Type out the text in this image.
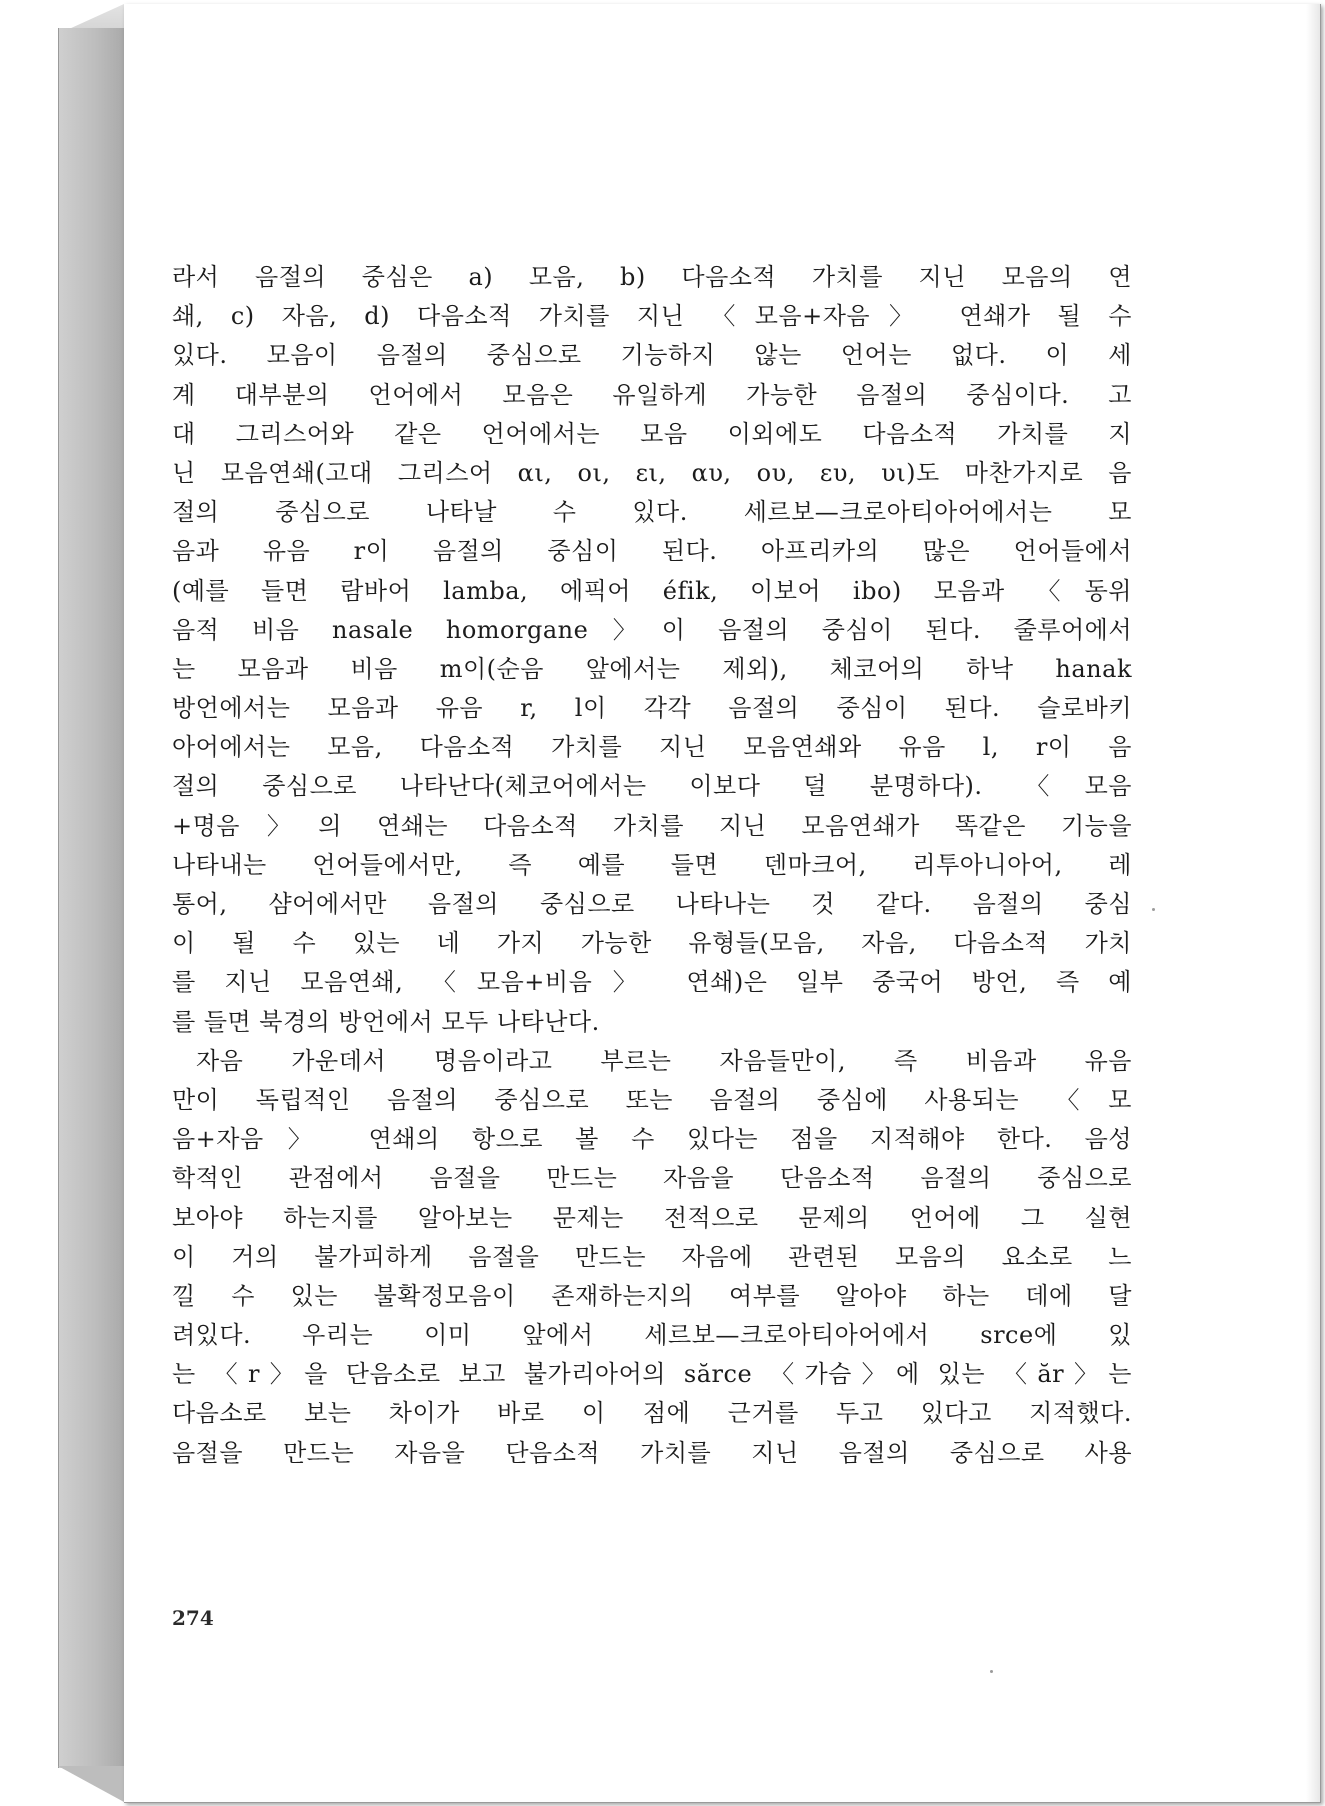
라서 음절의 중심은 a) 모음, b) 다음소적 가치를 지닌 모음의 연
쇄, c) 자음, d) 다음소적 가치를 지닌 〈모음+자음〉 연쇄가 될 수
있다. 모음이 음절의 중심으로 기능하지 않는 언어는 없다. 이 세
계 대부분의 언어에서 모음은 유일하게 가능한 음절의 중심이다. 고
대 그리스어와 같은 언어에서는 모음 이외에도 다음소적 가치를 지
닌 모음연쇄(고대 그리스어 αι, οι, ει, αυ, ου, ευ, υι)도 마찬가지로 음
절의 중심으로 나타날 수 있다. 세르보—크로아티아어에서는 모
음과 유음 r이 음절의 중심이 된다. 아프리카의 많은 언어들에서
(예를 들면 람바어 lamba, 에픽어 éfik, 이보어 ibo) 모음과 〈동위
음적 비음 nasale homorgane〉이 음절의 중심이 된다. 줄루어에서
는 모음과 비음 m이(순음 앞에서는 제외), 체코어의 하낙 hanak
방언에서는 모음과 유음 r, l이 각각 음절의 중심이 된다. 슬로바키
아어에서는 모음, 다음소적 가치를 지닌 모음연쇄와 유음 l, r이 음
절의 중심으로 나타난다(체코어에서는 이보다 덜 분명하다). 〈모음
+명음〉의 연쇄는 다음소적 가치를 지닌 모음연쇄가 똑같은 기능을
나타내는 언어들에서만, 즉 예를 들면 덴마크어, 리투아니아어, 레
통어, 샴어에서만 음절의 중심으로 나타나는 것 같다. 음절의 중심
이 될 수 있는 네 가지 가능한 유형들(모음, 자음, 다음소적 가치
를 지닌 모음연쇄, 〈모음+비음〉 연쇄)은 일부 중국어 방언, 즉 예
를 들면 북경의 방언에서 모두 나타난다.
자음 가운데서 명음이라고 부르는 자음들만이, 즉 비음과 유음
만이 독립적인 음절의 중심으로 또는 음절의 중심에 사용되는 〈모
음+자음〉 연쇄의 항으로 볼 수 있다는 점을 지적해야 한다. 음성
학적인 관점에서 음절을 만드는 자음을 단음소적 음절의 중심으로
보아야 하는지를 알아보는 문제는 전적으로 문제의 언어에 그 실현
이 거의 불가피하게 음절을 만드는 자음에 관련된 모음의 요소로 느
낄 수 있는 불확정모음이 존재하는지의 여부를 알아야 하는 데에 달
려있다. 우리는 이미 앞에서 세르보—크로아티아어에서 srce에 있
는 〈r〉을 단음소로 보고 불가리아어의 sărce 〈가슴〉에 있는 〈ăr〉는
다음소로 보는 차이가 바로 이 점에 근거를 두고 있다고 지적했다.
음절을 만드는 자음을 단음소적 가치를 지닌 음절의 중심으로 사용
274
